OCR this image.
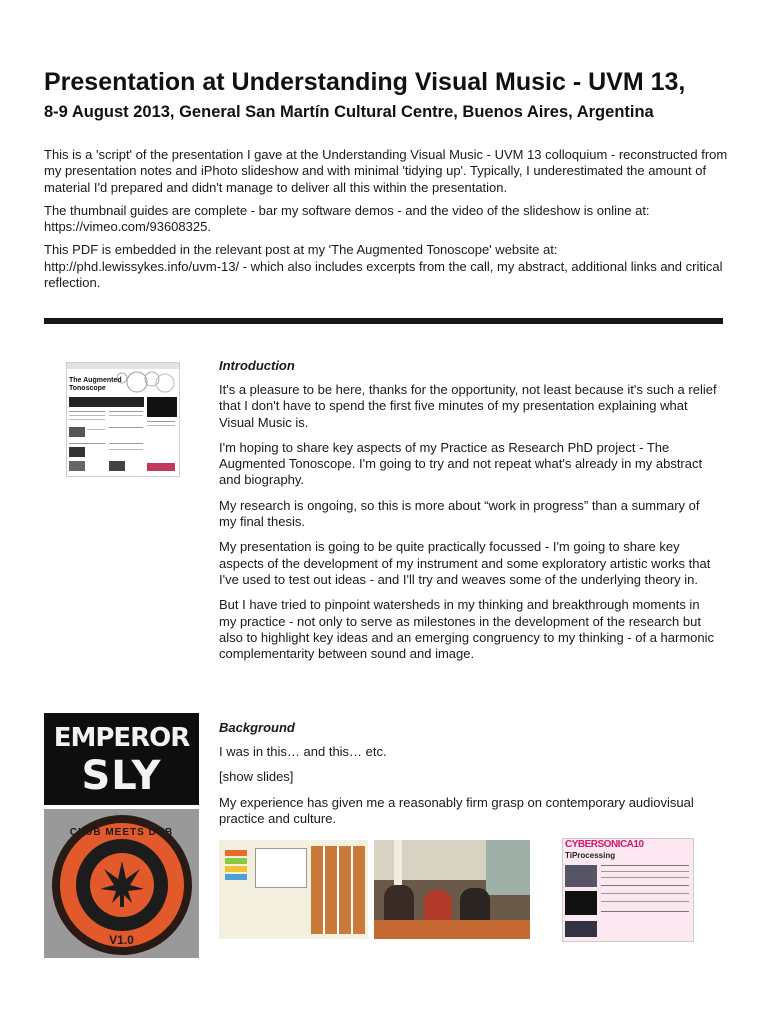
Presentation at Understanding Visual Music - UVM 13,
8-9 August 2013, General San Martín Cultural Centre, Buenos Aires, Argentina

This is a 'script' of the presentation I gave at the Understanding Visual Music - UVM 13 colloquium - reconstructed from my presentation notes and iPhoto slideshow and with minimal 'tidying up'. Typically, I underestimated the amount of material I'd prepared and didn't manage to deliver all this within the presentation.

The thumbnail guides are complete - bar my software demos - and the video of the slideshow is online at: https://vimeo.com/93608325.

This PDF is embedded in the relevant post at my 'The Augmented Tonoscope' website at: http://phd.lewissykes.info/uvm-13/ - which also includes excerpts from the call, my abstract, additional links and critical reflection.

The Augmented Tonoscope
Introduction

It's a pleasure to be here, thanks for the opportunity, not least because it's such a relief that I don't have to spend the first five minutes of my presentation explaining what Visual Music is.

I'm hoping to share key aspects of my Practice as Research PhD project - The Augmented Tonoscope. I'm going to try and not repeat what's already in my abstract and biography.

My research is ongoing, so this is more about “work in progress” than a summary of my final thesis.

My presentation is going to be quite practically focussed - I'm going to share key aspects of the development of my instrument and some exploratory artistic works that I've used to test out ideas - and I'll try and weaves some of the underlying theory in.

But I have tried to pinpoint watersheds in my thinking and breakthrough moments in my practice - not only to serve as milestones in the development of the research but also to highlight key ideas and an emerging congruency to my thinking - of a harmonic complementarity between sound and image.

EMPEROR
SLY
CLUB MEETS DUB
V1.0
Background

I was in this… and this… etc.

[show slides]

My experience has given me a reasonably firm grasp on contemporary audiovisual practice and culture.

CYBERSONICA10
TiProcessing
